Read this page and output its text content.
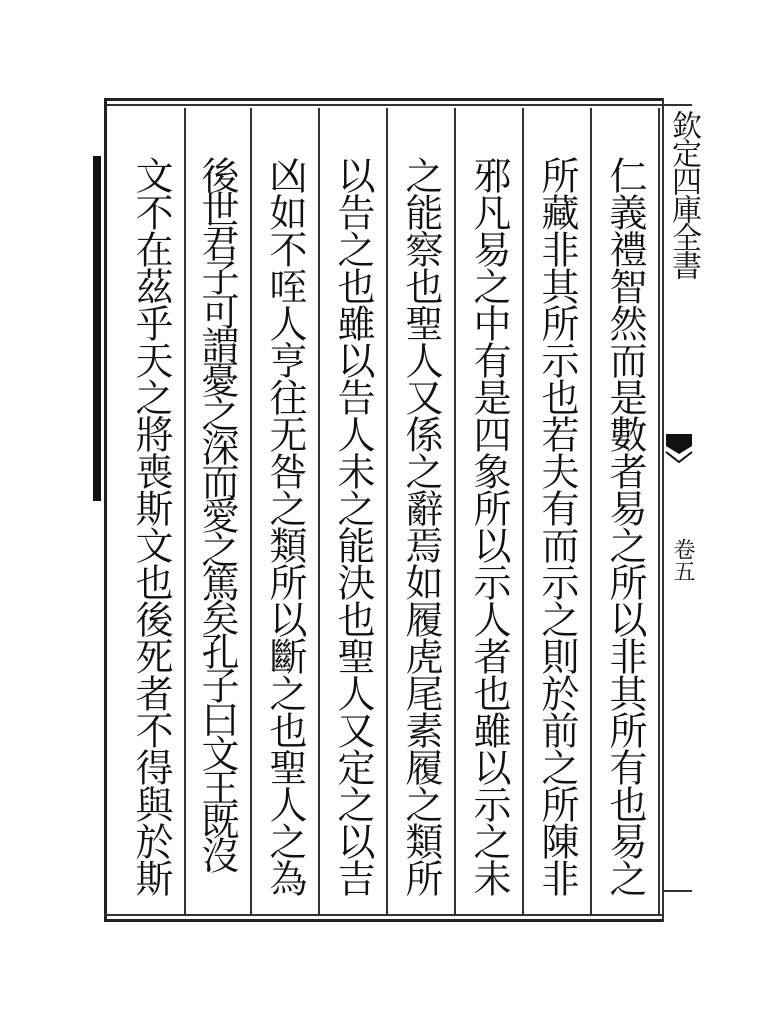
仁義禮智然而是數者易之所以非其所有也易之
所藏非其所示也若夫有而示之則於前之所陳非
邪凡易之中有是四象所以示人者也雖以示之未
之能察也聖人又係之辭焉如履虎尾素履之類所
以告之也雖以告人未之能決也聖人又定之以吉
凶如不咥人亨往无咎之類所以斷之也聖人之為
後世君子可謂憂之深而愛之篤矣孔子曰文王既沒
文不在茲乎天之將喪斯文也後死者不得與於斯	欽定四庫全書
卷五
